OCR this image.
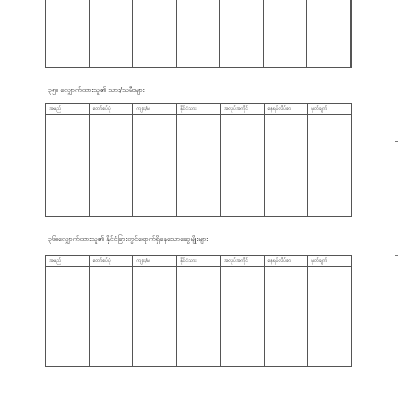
၃၅။ လျှောက်ထားသူ၏ သား/သမီးများ
အမည်	တော်စပ်ပုံ	ကျား/မ	နိုင်ငံသား	အလုပ်အကိုင်	နေရပ်လိပ်စာ	မှတ်ချက်
၃၆။လျှောက်ထားသူ၏ နိုင်ငံခြားတွင်ရောက်ရှိနေသောဆွေမျိုးများ
အမည်	တော်စပ်ပုံ	ကျား/မ	နိုင်ငံသား	အလုပ်အကိုင်	နေရပ်လိပ်စာ	မှတ်ချက်
